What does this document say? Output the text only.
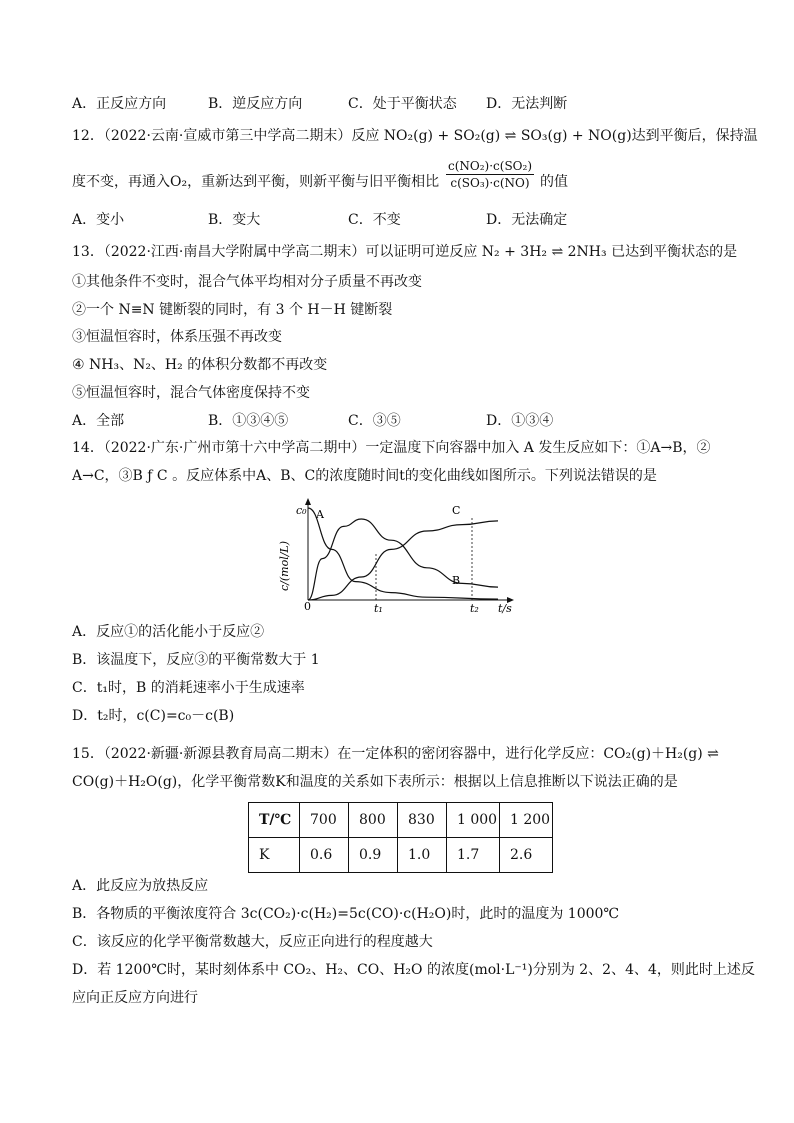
A．正反应方向	B．逆反应方向	C．处于平衡状态 D．无法判断
12．（2022·云南·宣威市第三中学高二期末）反应 NO₂(g) + SO₂(g) ⇌ SO₃(g) + NO(g)达到平衡后，保持温
度不变，再通入O₂，重新达到平衡，则新平衡与旧平衡相比 $\frac{\text{c(NO₂)·c(SO₂)}}{\text{c(SO₃)·c(NO)}}$ 的值
A．变小	B．变大	C．不变	D．无法确定
13．（2022·江西·南昌大学附属中学高二期末）可以证明可逆反应 N₂ + 3H₂ ⇌ 2NH₃ 已达到平衡状态的是
①其他条件不变时，混合气体平均相对分子质量不再改变
②一个 N≡N 键断裂的同时，有 3 个 H－H 键断裂
③恒温恒容时，体系压强不再改变
④ NH₃、N₂、H₂ 的体积分数都不再改变
⑤恒温恒容时，混合气体密度保持不变
A．全部	B．①③④⑤	C．③⑤	D．①③④
14．（2022·广东·广州市第十六中学高二期中）一定温度下向容器中加入 A 发生反应如下：①A→B，②
A→C，③B ƒ C 。反应体系中A、B、C的浓度随时间t的变化曲线如图所示。下列说法错误的是
c/(mol/L)
c₀
0	t₁	t₂ t/s
A
B
C
A．反应①的活化能小于反应②
B．该温度下，反应③的平衡常数大于 1
C．t₁时，B 的消耗速率小于生成速率
D．t₂时，c(C)=c₀－c(B)
15．（2022·新疆·新源县教育局高二期末）在一定体积的密闭容器中，进行化学反应：CO₂(g)＋H₂(g) ⇌
CO(g)＋H₂O(g)，化学平衡常数K和温度的关系如下表所示：根据以上信息推断以下说法正确的是
T/℃	700	800	830	1 000	1 200
K	0.6	0.9	1.0	1.7	2.6
A．此反应为放热反应
B．各物质的平衡浓度符合 3c(CO₂)·c(H₂)=5c(CO)·c(H₂O)时，此时的温度为 1000℃
C．该反应的化学平衡常数越大，反应正向进行的程度越大
D．若 1200℃时，某时刻体系中 CO₂、H₂、CO、H₂O 的浓度(mol·L⁻¹)分别为 2、2、4、4，则此时上述反
应向正反应方向进行
